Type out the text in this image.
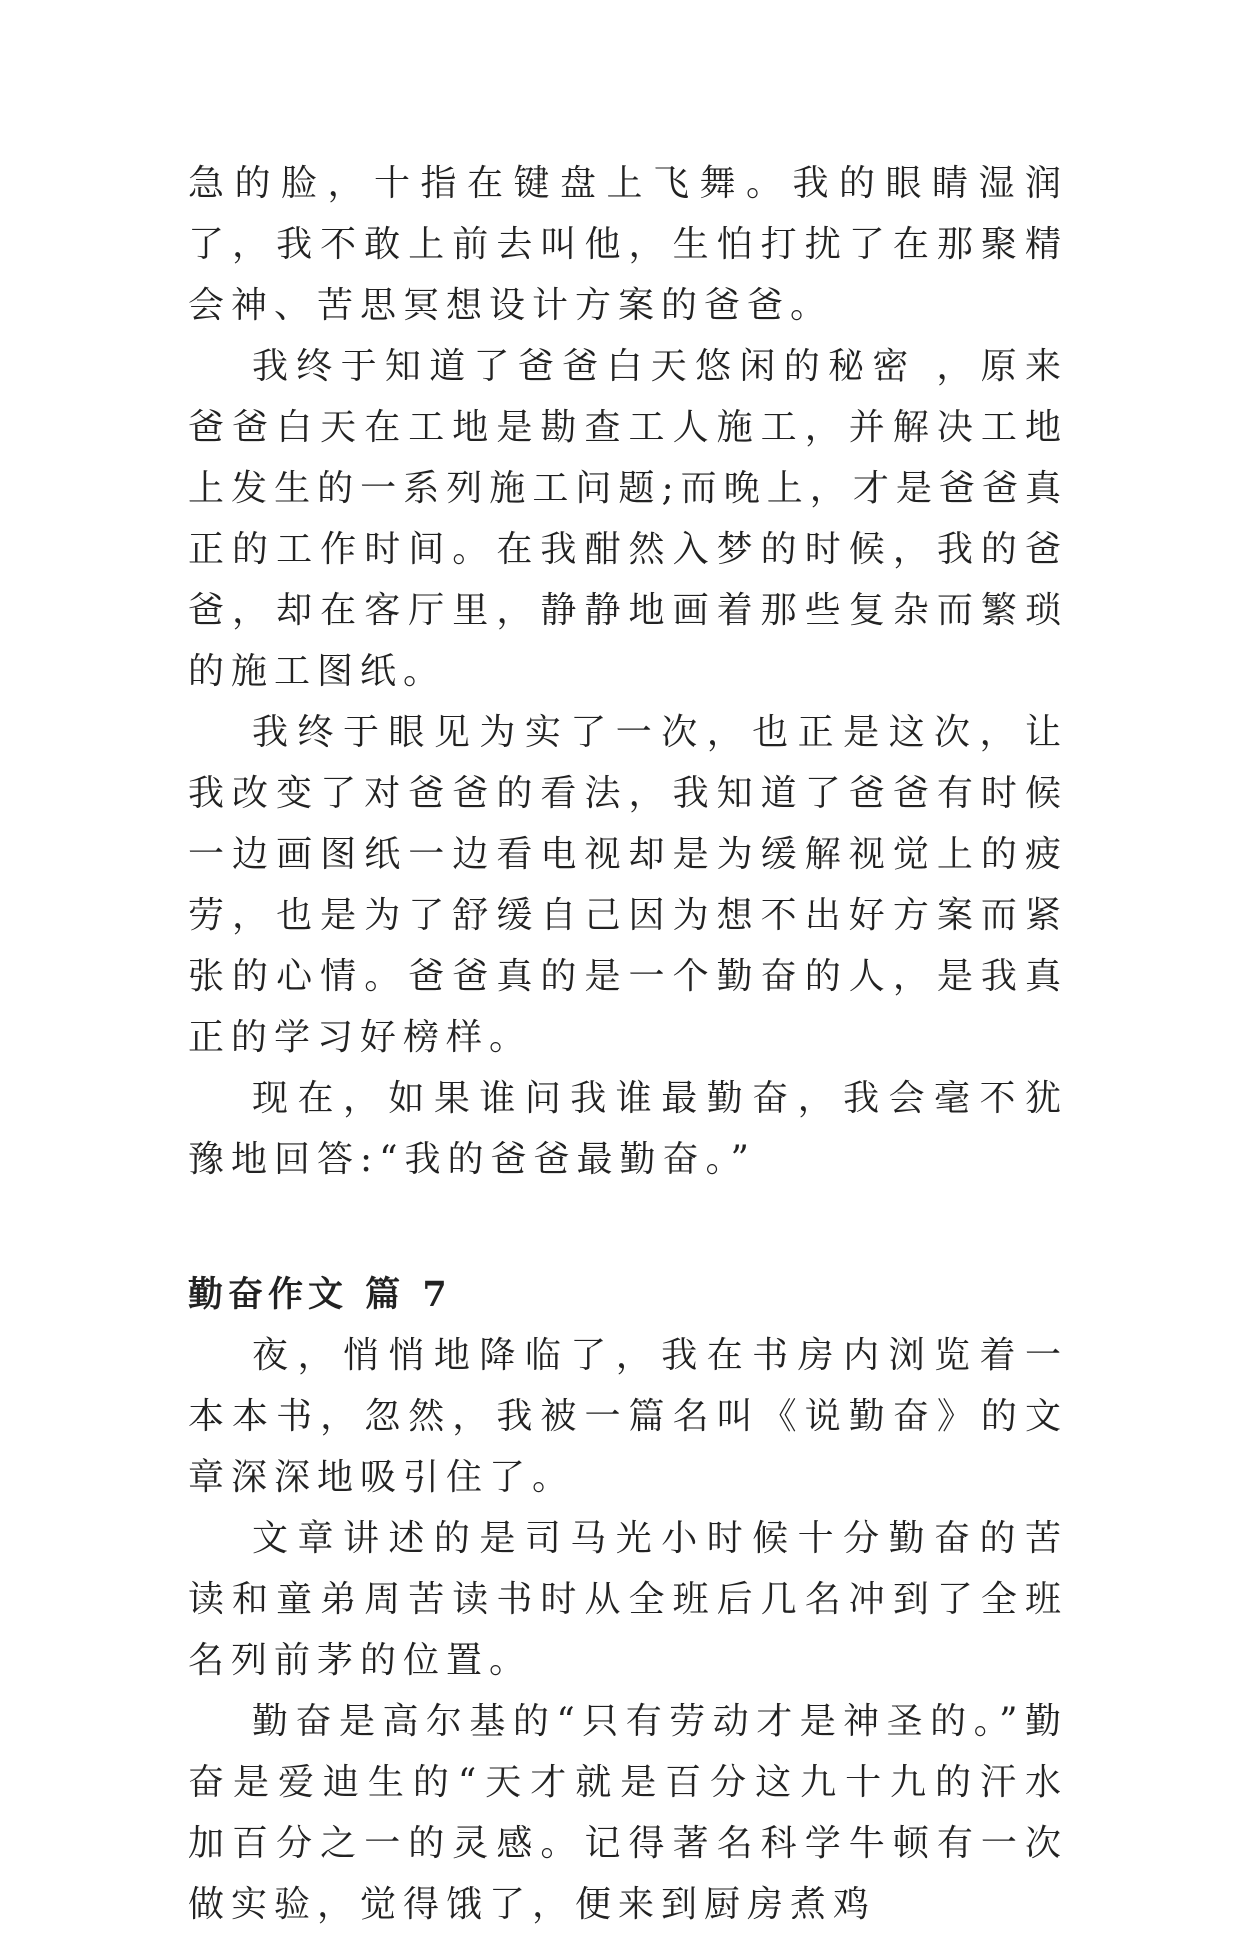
急的脸，十指在键盘上飞舞。我的眼睛湿润了，我不敢上前去叫他，生怕打扰了在那聚精会神、苦思冥想设计方案的爸爸。

我终于知道了爸爸白天悠闲的秘密 ，原来爸爸白天在工地是勘查工人施工，并解决工地上发生的一系列施工问题;而晚上，才是爸爸真正的工作时间。在我酣然入梦的时候，我的爸爸，却在客厅里，静静地画着那些复杂而繁琐的施工图纸。

我终于眼见为实了一次，也正是这次，让我改变了对爸爸的看法，我知道了爸爸有时候一边画图纸一边看电视却是为缓解视觉上的疲劳，也是为了舒缓自己因为想不出好方案而紧张的心情。爸爸真的是一个勤奋的人，是我真正的学习好榜样。

现在，如果谁问我谁最勤奋，我会毫不犹豫地回答:“我的爸爸最勤奋。”

勤奋作文 篇 7

夜，悄悄地降临了，我在书房内浏览着一本本书，忽然，我被一篇名叫《说勤奋》的文章深深地吸引住了。

文章讲述的是司马光小时候十分勤奋的苦读和童弟周苦读书时从全班后几名冲到了全班名列前茅的位置。

勤奋是高尔基的“只有劳动才是神圣的。”勤奋是爱迪生的“天才就是百分这九十九的汗水加百分之一的灵感。记得著名科学牛顿有一次做实验，觉得饿了，便来到厨房煮鸡
